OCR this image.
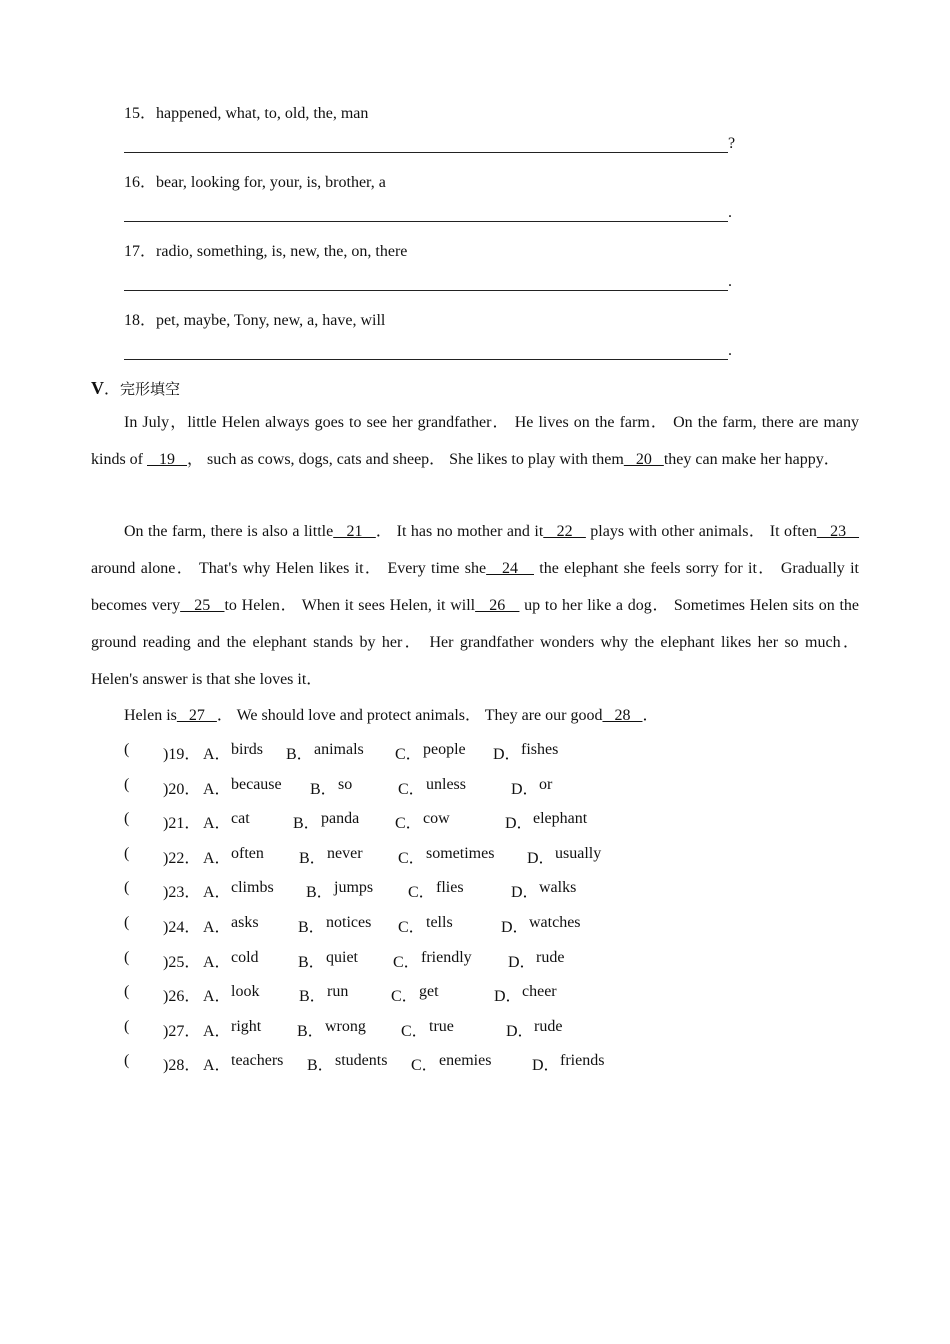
15．happened, what, to, old, the, man
?
16．bear, looking for, your, is, brother, a
.
17．radio, something, is, new, the, on, there
.
18．pet, maybe, Tony, new, a, have, will
.
V．完形填空
In July，little Helen always goes to see her grandfather． He lives on the farm． On the farm, there are many kinds of    19   ， such as cows, dogs, cats and sheep． She likes to play with them   20   they can make her happy．
On the farm, there is also a little   21   ． It has no mother and it   22    plays with other animals． It often   23    around alone． That's why Helen likes it． Every time she   24    the elephant she feels sorry for it． Gradually it becomes very   25   to Helen． When it sees Helen, it will   26    up to her like a dog． Sometimes Helen sits on the ground reading and the elephant stands by her． Her grandfather wonders why the elephant likes her so much． Helen's answer is that she loves it．
Helen is   27   ． We should love and protect animals． They are our good   28   ．
( )19． A． birds B． animals C． people D． fishes
( )20． A． because B． so	C． unless	D． or
( )21． A． cat	B． panda C． cow	D． elephant
( )22． A． often B． never C． sometimes D． usually
( )23． A． climbs B． jumps C． flies	D． walks
( )24． A． asks B． notices C． tells	D． watches
( )25． A． cold B． quiet C． friendly D． rude
( )26． A． look B． run	C． get	D． cheer
( )27． A． right B． wrong C． true	D． rude
( )28． A． teachers B． students C． enemies	D． friends
